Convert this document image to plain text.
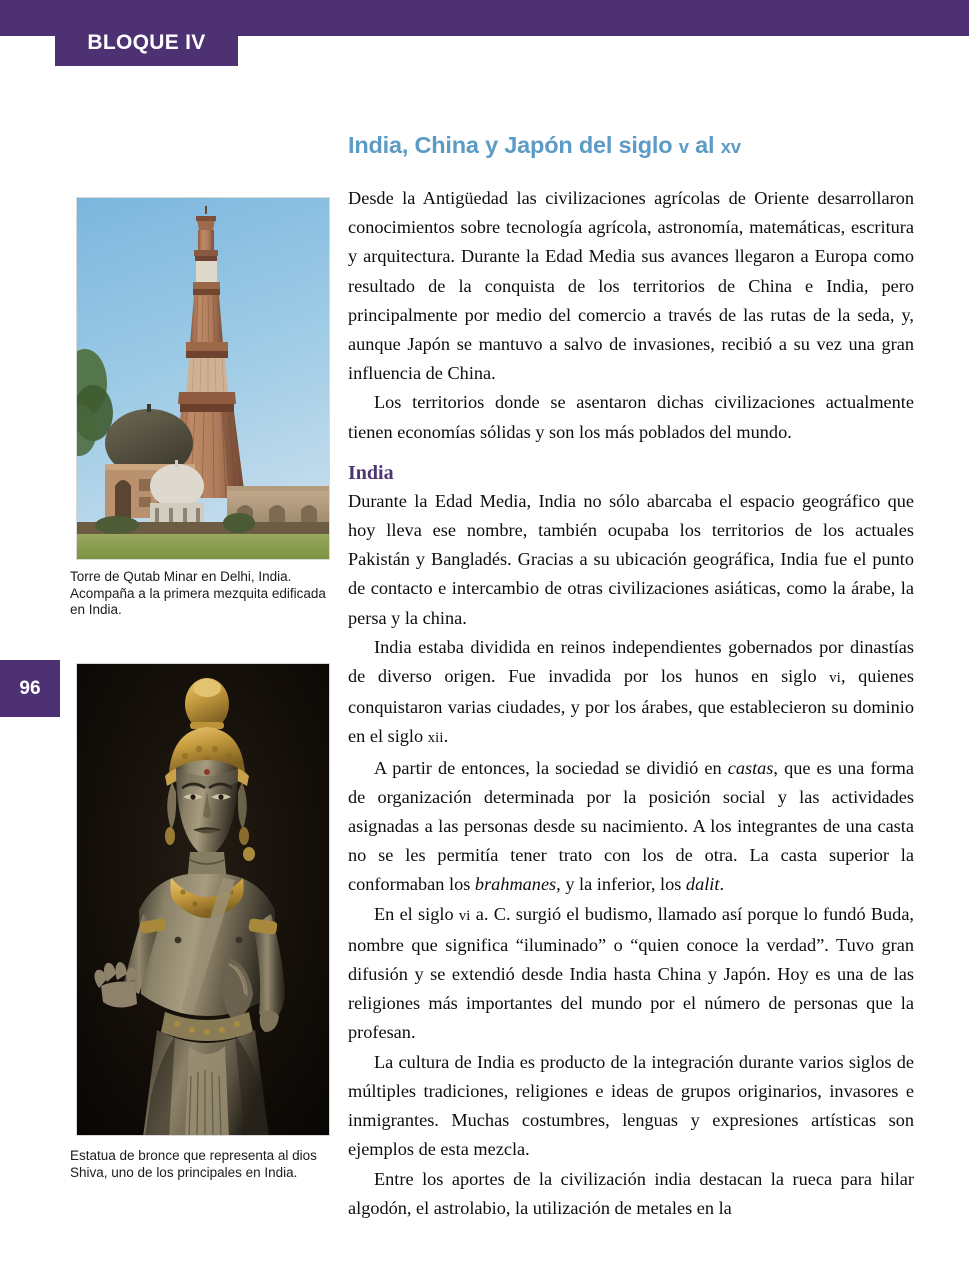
BLOQUE IV
96
Torre de Qutab Minar en Delhi, India. Acompaña a la primera mezquita edificada en India.
Estatua de bronce que representa al dios Shiva, uno de los principales en India.
India, China y Japón del siglo v al xv

Desde la Antigüedad las civilizaciones agrícolas de Oriente desarrollaron conocimientos sobre tecnología agrícola, astronomía, matemáticas, escritura y arquitectura. Durante la Edad Media sus avances llegaron a Europa como resultado de la conquista de los territorios de China e India, pero principalmente por medio del comercio a través de las rutas de la seda, y, aunque Japón se mantuvo a salvo de invasiones, recibió a su vez una gran influencia de China.

Los territorios donde se asentaron dichas civilizaciones actualmente tienen economías sólidas y son los más poblados del mundo.

India

Durante la Edad Media, India no sólo abarcaba el espacio geográfico que hoy lleva ese nombre, también ocupaba los territorios de los actuales Pakistán y Bangladés. Gracias a su ubicación geográfica, India fue el punto de contacto e intercambio de otras civilizaciones asiáticas, como la árabe, la persa y la china.

India estaba dividida en reinos independientes gobernados por dinastías de diverso origen. Fue invadida por los hunos en siglo vi, quienes conquistaron varias ciudades, y por los árabes, que establecieron su dominio en el siglo xii.

A partir de entonces, la sociedad se dividió en castas, que es una forma de organización determinada por la posición social y las actividades asignadas a las personas desde su nacimiento. A los integrantes de una casta no se les permitía tener trato con los de otra. La casta superior la conformaban los brahmanes, y la inferior, los dalit.

En el siglo vi a. C. surgió el budismo, llamado así porque lo fundó Buda, nombre que significa “iluminado” o “quien conoce la verdad”. Tuvo gran difusión y se extendió desde India hasta China y Japón. Hoy es una de las religiones más importantes del mundo por el número de personas que la profesan.

La cultura de India es producto de la integración durante varios siglos de múltiples tradiciones, religiones e ideas de grupos originarios, invasores e inmigrantes. Muchas costumbres, lenguas y expresiones artísticas son ejemplos de esta mezcla.

Entre los aportes de la civilización india destacan la rueca para hilar algodón, el astrolabio, la utilización de metales en la
